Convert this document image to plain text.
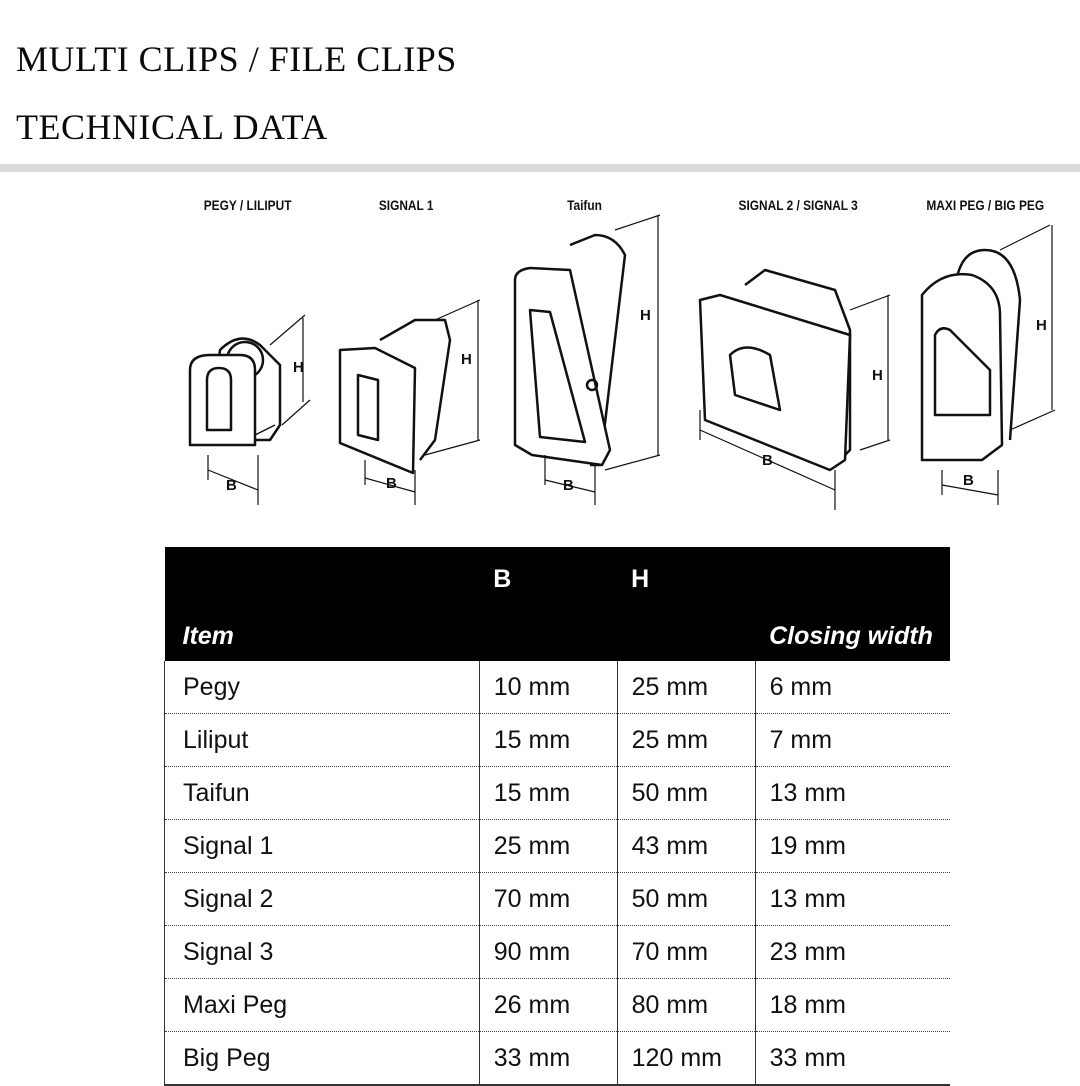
MULTI CLIPS / FILE CLIPS
TECHNICAL DATA
PEGY / LILIPUT	SIGNAL 1	Taifun	SIGNAL 2 / SIGNAL 3	MAXI PEG / BIG PEG
H
B
H
B
H
B
H
B
H
B
Item	B	H	Closing width
Pegy	10 mm	25 mm	6 mm
Liliput	15 mm	25 mm	7 mm
Taifun	15 mm	50 mm	13 mm
Signal 1	25 mm	43 mm	19 mm
Signal 2	70 mm	50 mm	13 mm
Signal 3	90 mm	70 mm	23 mm
Maxi Peg	26 mm	80 mm	18 mm
Big Peg	33 mm	120 mm	33 mm
